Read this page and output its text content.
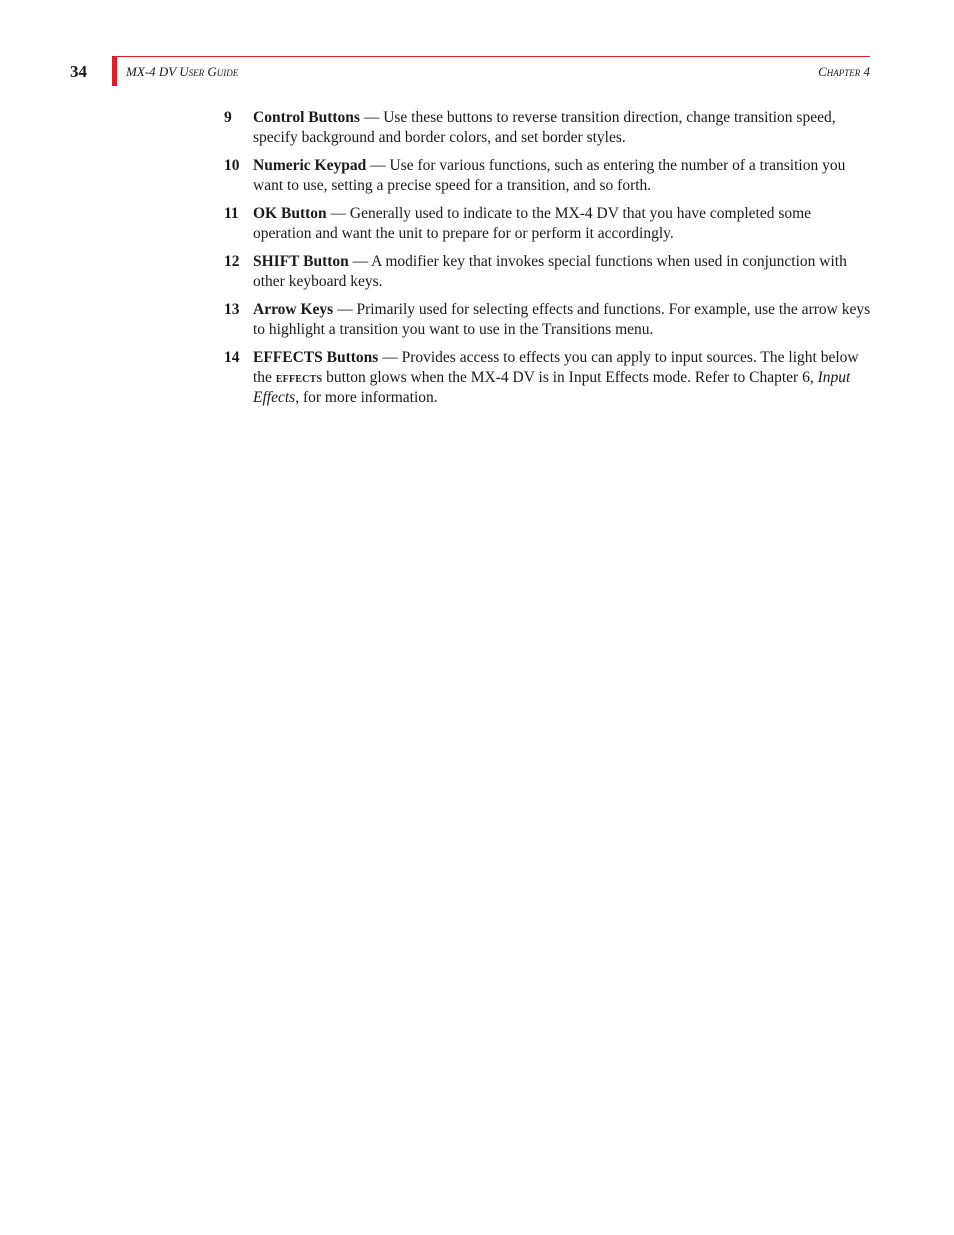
34	MX-4 DV User Guide	Chapter 4
9 Control Buttons — Use these buttons to reverse transition direction, change transition speed, specify background and border colors, and set border styles.
10 Numeric Keypad — Use for various functions, such as entering the number of a transition you want to use, setting a precise speed for a transition, and so forth.
11 OK Button — Generally used to indicate to the MX-4 DV that you have completed some operation and want the unit to prepare for or perform it accordingly.
12 SHIFT Button — A modifier key that invokes special functions when used in conjunction with other keyboard keys.
13 Arrow Keys — Primarily used for selecting effects and functions. For example, use the arrow keys to highlight a transition you want to use in the Transitions menu.
14 EFFECTS Buttons — Provides access to effects you can apply to input sources. The light below the effects button glows when the MX-4 DV is in Input Effects mode. Refer to Chapter 6, Input Effects, for more information.
